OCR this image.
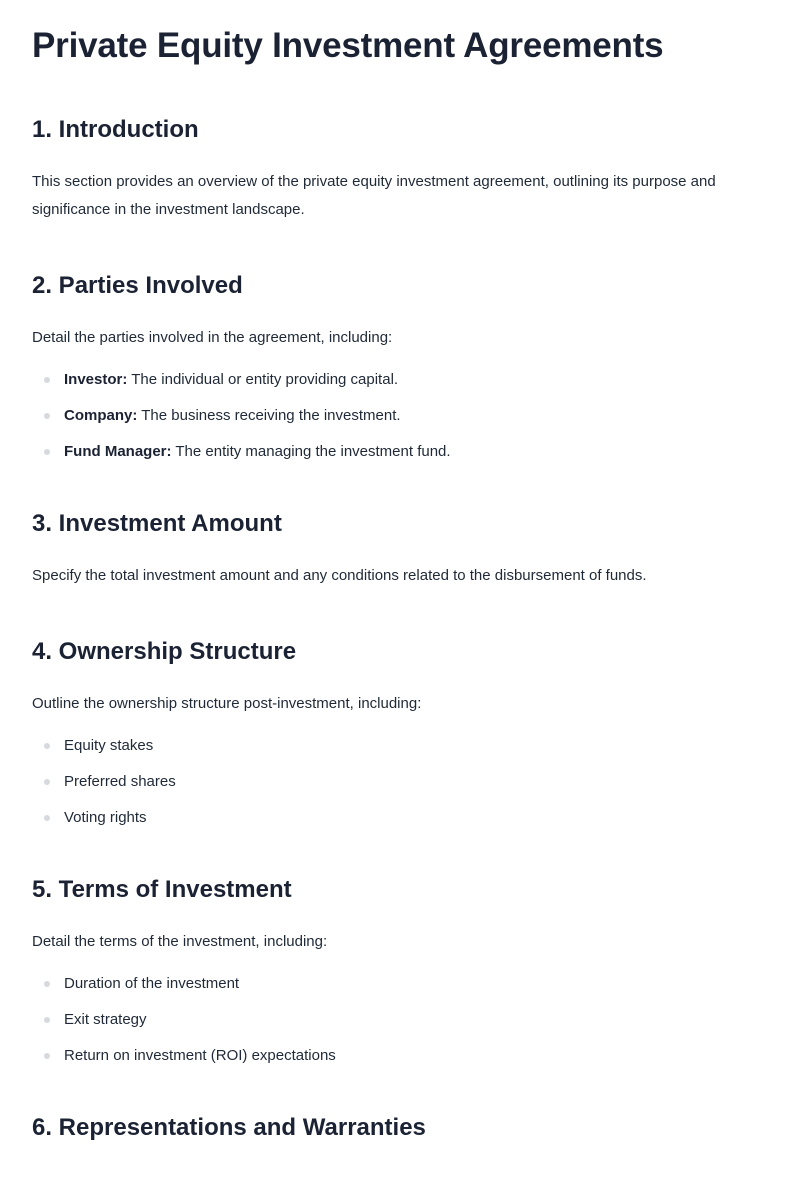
Private Equity Investment Agreements
1. Introduction

This section provides an overview of the private equity investment agreement, outlining its purpose and significance in the investment landscape.

2. Parties Involved

Detail the parties involved in the agreement, including:

Investor: The individual or entity providing capital.
Company: The business receiving the investment.
Fund Manager: The entity managing the investment fund.
3. Investment Amount

Specify the total investment amount and any conditions related to the disbursement of funds.

4. Ownership Structure

Outline the ownership structure post-investment, including:

Equity stakes
Preferred shares
Voting rights
5. Terms of Investment

Detail the terms of the investment, including:

Duration of the investment
Exit strategy
Return on investment (ROI) expectations
6. Representations and Warranties
